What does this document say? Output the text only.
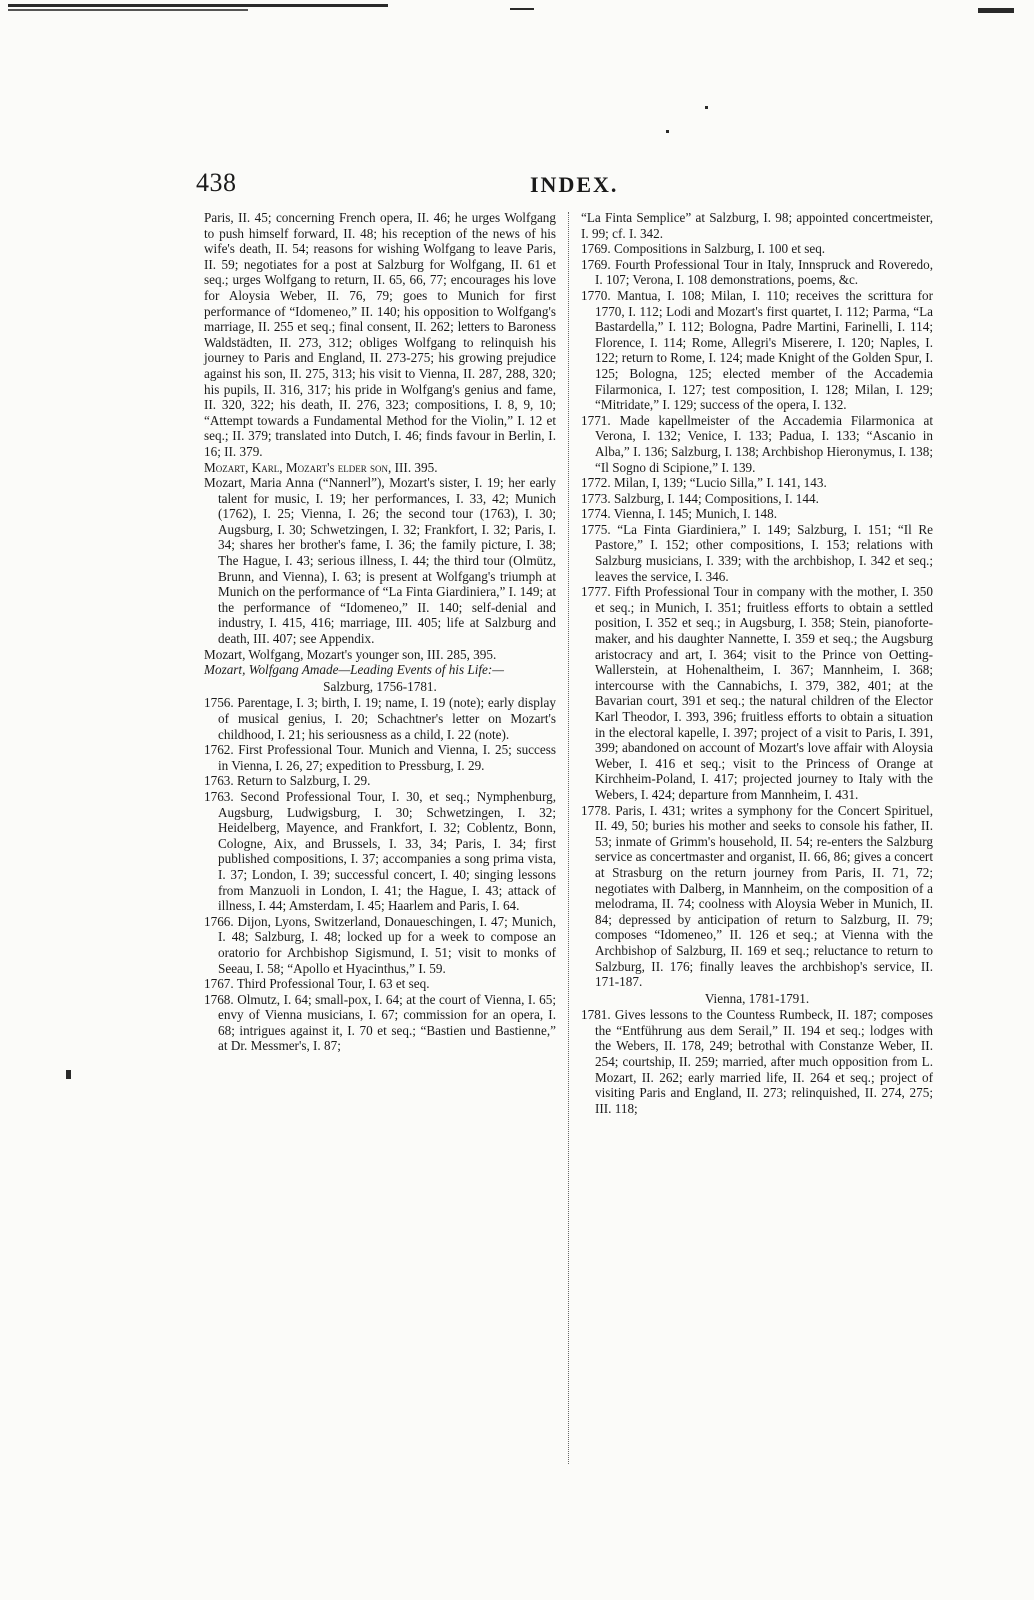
438	INDEX.

Paris, II. 45; concerning French opera, II. 46; he urges Wolfgang to push himself forward, II. 48; his reception of the news of his wife's death, II. 54; reasons for wishing Wolfgang to leave Paris, II. 59; negotiates for a post at Salzburg for Wolfgang, II. 61 et seq.; urges Wolfgang to return, II. 65, 66, 77; encourages his love for Aloysia Weber, II. 76, 79; goes to Munich for first performance of “Idomeneo,” II. 140; his opposition to Wolfgang's marriage, II. 255 et seq.; final consent, II. 262; letters to Baroness Waldstädten, II. 273, 312; obliges Wolfgang to relinquish his journey to Paris and England, II. 273-275; his growing prejudice against his son, II. 275, 313; his visit to Vienna, II. 287, 288, 320; his pupils, II. 316, 317; his pride in Wolfgang's genius and fame, II. 320, 322; his death, II. 276, 323; compositions, I. 8, 9, 10; “Attempt towards a Fundamental Method for the Violin,” I. 12 et seq.; II. 379; translated into Dutch, I. 46; finds favour in Berlin, I. 16; II. 379.

Mozart, Karl, Mozart's elder son, III. 395.

Mozart, Maria Anna (“Nannerl”), Mozart's sister, I. 19; her early talent for music, I. 19; her performances, I. 33, 42; Munich (1762), I. 25; Vienna, I. 26; the second tour (1763), I. 30; Augsburg, I. 30; Schwetzingen, I. 32; Frankfort, I. 32; Paris, I. 34; shares her brother's fame, I. 36; the family picture, I. 38; The Hague, I. 43; serious illness, I. 44; the third tour (Olmütz, Brunn, and Vienna), I. 63; is present at Wolfgang's triumph at Munich on the performance of “La Finta Giardiniera,” I. 149; at the performance of “Idomeneo,” II. 140; self-denial and industry, I. 415, 416; marriage, III. 405; life at Salzburg and death, III. 407; see Appendix.

Mozart, Wolfgang, Mozart's younger son, III. 285, 395.

Mozart, Wolfgang Amade—Leading Events of his Life:—

Salzburg, 1756-1781.

1756. Parentage, I. 3; birth, I. 19; name, I. 19 (note); early display of musical genius, I. 20; Schachtner's letter on Mozart's childhood, I. 21; his seriousness as a child, I. 22 (note).

1762. First Professional Tour. Munich and Vienna, I. 25; success in Vienna, I. 26, 27; expedition to Pressburg, I. 29.

1763. Return to Salzburg, I. 29.

1763. Second Professional Tour, I. 30, et seq.; Nymphenburg, Augsburg, Ludwigsburg, I. 30; Schwetzingen, I. 32; Heidelberg, Mayence, and Frankfort, I. 32; Coblentz, Bonn, Cologne, Aix, and Brussels, I. 33, 34; Paris, I. 34; first published compositions, I. 37; accompanies a song prima vista, I. 37; London, I. 39; successful concert, I. 40; singing lessons from Manzuoli in London, I. 41; the Hague, I. 43; attack of illness, I. 44; Amsterdam, I. 45; Haarlem and Paris, I. 64.

1766. Dijon, Lyons, Switzerland, Donaueschingen, I. 47; Munich, I. 48; Salzburg, I. 48; locked up for a week to compose an oratorio for Archbishop Sigismund, I. 51; visit to monks of Seeau, I. 58; “Apollo et Hyacinthus,” I. 59.

1767. Third Professional Tour, I. 63 et seq.

1768. Olmutz, I. 64; small-pox, I. 64; at the court of Vienna, I. 65; envy of Vienna musicians, I. 67; commission for an opera, I. 68; intrigues against it, I. 70 et seq.; “Bastien und Bastienne,” at Dr. Messmer's, I. 87;

“La Finta Semplice” at Salzburg, I. 98; appointed concertmeister, I. 99; cf. I. 342.

1769. Compositions in Salzburg, I. 100 et seq.

1769. Fourth Professional Tour in Italy, Innspruck and Roveredo, I. 107; Verona, I. 108 demonstrations, poems, &c.

1770. Mantua, I. 108; Milan, I. 110; receives the scrittura for 1770, I. 112; Lodi and Mozart's first quartet, I. 112; Parma, “La Bastardella,” I. 112; Bologna, Padre Martini, Farinelli, I. 114; Florence, I. 114; Rome, Allegri's Miserere, I. 120; Naples, I. 122; return to Rome, I. 124; made Knight of the Golden Spur, I. 125; Bologna, 125; elected member of the Accademia Filarmonica, I. 127; test composition, I. 128; Milan, I. 129; “Mitridate,” I. 129; success of the opera, I. 132.

1771. Made kapellmeister of the Accademia Filarmonica at Verona, I. 132; Venice, I. 133; Padua, I. 133; “Ascanio in Alba,” I. 136; Salzburg, I. 138; Archbishop Hieronymus, I. 138; “Il Sogno di Scipione,” I. 139.

1772. Milan, I, 139; “Lucio Silla,” I. 141, 143.

1773. Salzburg, I. 144; Compositions, I. 144.

1774. Vienna, I. 145; Munich, I. 148.

1775. “La Finta Giardiniera,” I. 149; Salzburg, I. 151; “Il Re Pastore,” I. 152; other compositions, I. 153; relations with Salzburg musicians, I. 339; with the archbishop, I. 342 et seq.; leaves the service, I. 346.

1777. Fifth Professional Tour in company with the mother, I. 350 et seq.; in Munich, I. 351; fruitless efforts to obtain a settled position, I. 352 et seq.; in Augsburg, I. 358; Stein, pianoforte-maker, and his daughter Nannette, I. 359 et seq.; the Augsburg aristocracy and art, I. 364; visit to the Prince von Oetting-Wallerstein, at Hohenaltheim, I. 367; Mannheim, I. 368; intercourse with the Cannabichs, I. 379, 382, 401; at the Bavarian court, 391 et seq.; the natural children of the Elector Karl Theodor, I. 393, 396; fruitless efforts to obtain a situation in the electoral kapelle, I. 397; project of a visit to Paris, I. 391, 399; abandoned on account of Mozart's love affair with Aloysia Weber, I. 416 et seq.; visit to the Princess of Orange at Kirchheim-Poland, I. 417; projected journey to Italy with the Webers, I. 424; departure from Mannheim, I. 431.

1778. Paris, I. 431; writes a symphony for the Concert Spirituel, II. 49, 50; buries his mother and seeks to console his father, II. 53; inmate of Grimm's household, II. 54; re-enters the Salzburg service as concertmaster and organist, II. 66, 86; gives a concert at Strasburg on the return journey from Paris, II. 71, 72; negotiates with Dalberg, in Mannheim, on the composition of a melodrama, II. 74; coolness with Aloysia Weber in Munich, II. 84; depressed by anticipation of return to Salzburg, II. 79; composes “Idomeneo,” II. 126 et seq.; at Vienna with the Archbishop of Salzburg, II. 169 et seq.; reluctance to return to Salzburg, II. 176; finally leaves the archbishop's service, II. 171-187.

Vienna, 1781-1791.

1781. Gives lessons to the Countess Rumbeck, II. 187; composes the “Entführung aus dem Serail,” II. 194 et seq.; lodges with the Webers, II. 178, 249; betrothal with Constanze Weber, II. 254; courtship, II. 259; married, after much opposition from L. Mozart, II. 262; early married life, II. 264 et seq.; project of visiting Paris and England, II. 273; relinquished, II. 274, 275; III. 118;
